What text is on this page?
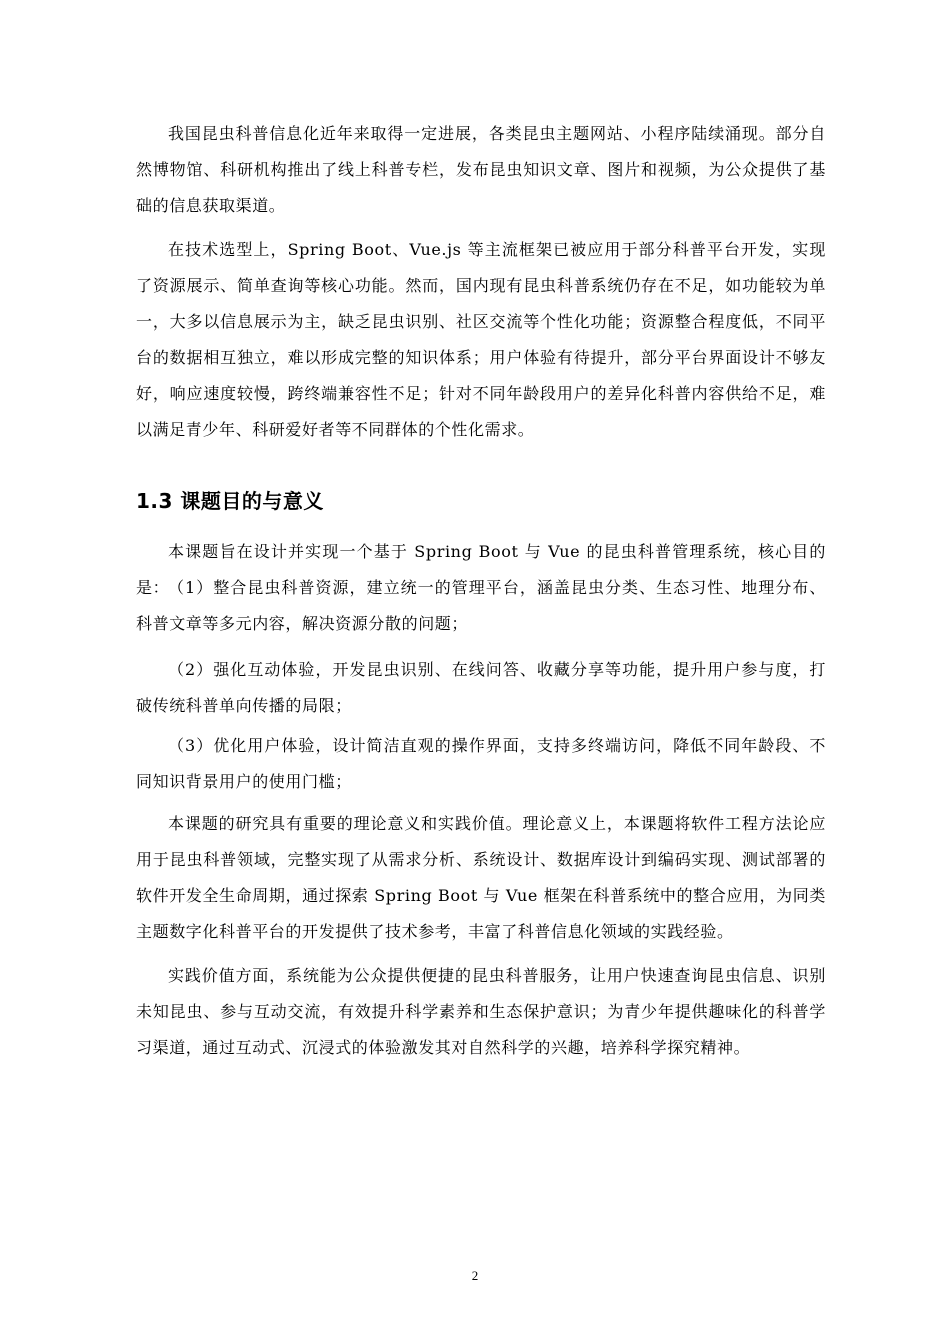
我国昆虫科普信息化近年来取得一定进展，各类昆虫主题网站、小程序陆续涌现。部分自然博物馆、科研机构推出了线上科普专栏，发布昆虫知识文章、图片和视频，为公众提供了基础的信息获取渠道。

在技术选型上，Spring Boot、Vue.js 等主流框架已被应用于部分科普平台开发，实现了资源展示、简单查询等核心功能。然而，国内现有昆虫科普系统仍存在不足，如功能较为单一，大多以信息展示为主，缺乏昆虫识别、社区交流等个性化功能；资源整合程度低，不同平台的数据相互独立，难以形成完整的知识体系；用户体验有待提升，部分平台界面设计不够友好，响应速度较慢，跨终端兼容性不足；针对不同年龄段用户的差异化科普内容供给不足，难以满足青少年、科研爱好者等不同群体的个性化需求。

1.3 课题目的与意义

本课题旨在设计并实现一个基于 Spring Boot 与 Vue 的昆虫科普管理系统，核心目的是：

（1）整合昆虫科普资源，建立统一的管理平台，涵盖昆虫分类、生态习性、地理分布、科普文章等多元内容，解决资源分散的问题；

（2）强化互动体验，开发昆虫识别、在线问答、收藏分享等功能，提升用户参与度，打破传统科普单向传播的局限；

（3）优化用户体验，设计简洁直观的操作界面，支持多终端访问，降低不同年龄段、不同知识背景用户的使用门槛；

本课题的研究具有重要的理论意义和实践价值。理论意义上，本课题将软件工程方法论应用于昆虫科普领域，完整实现了从需求分析、系统设计、数据库设计到编码实现、测试部署的软件开发全生命周期，通过探索 Spring Boot 与 Vue 框架在科普系统中的整合应用，为同类主题数字化科普平台的开发提供了技术参考，丰富了科普信息化领域的实践经验。

实践价值方面，系统能为公众提供便捷的昆虫科普服务，让用户快速查询昆虫信息、识别未知昆虫、参与互动交流，有效提升科学素养和生态保护意识；为青少年提供趣味化的科普学习渠道，通过互动式、沉浸式的体验激发其对自然科学的兴趣，培养科学探究精神。

2
